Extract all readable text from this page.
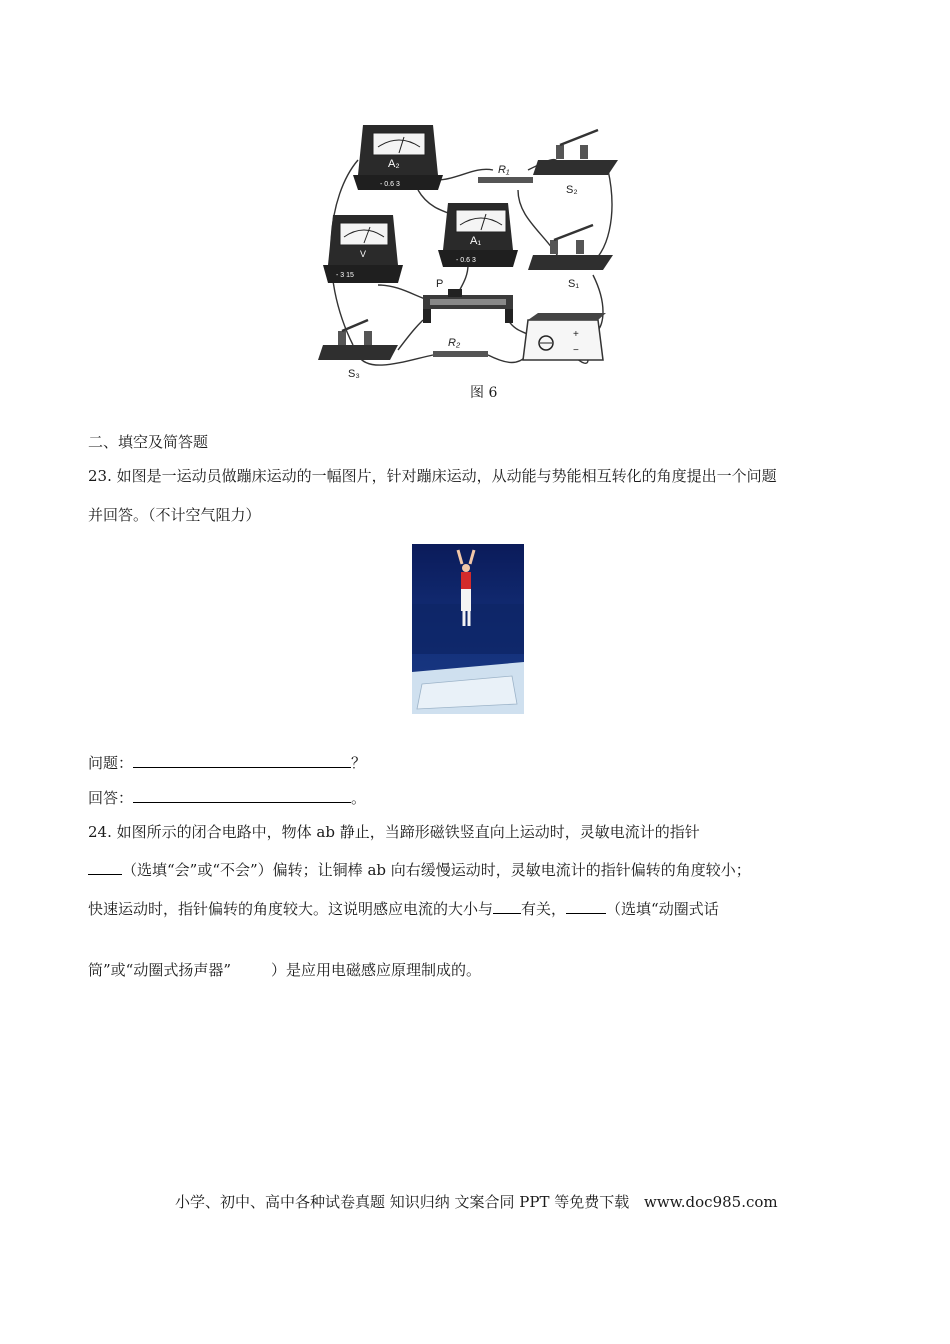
A₂
- 0.6 3
V
- 3 15
A₁
- 0.6 3
R₁
S₂
S₁
P
R₂
S₃
+
−
图 6
二、填空及简答题
23. 如图是一运动员做蹦床运动的一幅图片，针对蹦床运动，从动能与势能相互转化的角度提出一个问题
并回答。（不计空气阻力）
问题：	？
回答：	。
24. 如图所示的闭合电路中，物体 ab 静止，当蹄形磁铁竖直向上运动时，灵敏电流计的指针
（选填“会”或“不会”）偏转；让铜棒 ab 向右缓慢运动时，灵敏电流计的指针偏转的角度较小；
快速运动时，指针偏转的角度较大。这说明感应电流的大小与 有关，	（选填“动圈式话
筒”或“动圈式扬声器”	）是应用电磁感应原理制成的。
小学、初中、高中各种试卷真题 知识归纳 文案合同 PPT 等免费下载 www.doc985.com
